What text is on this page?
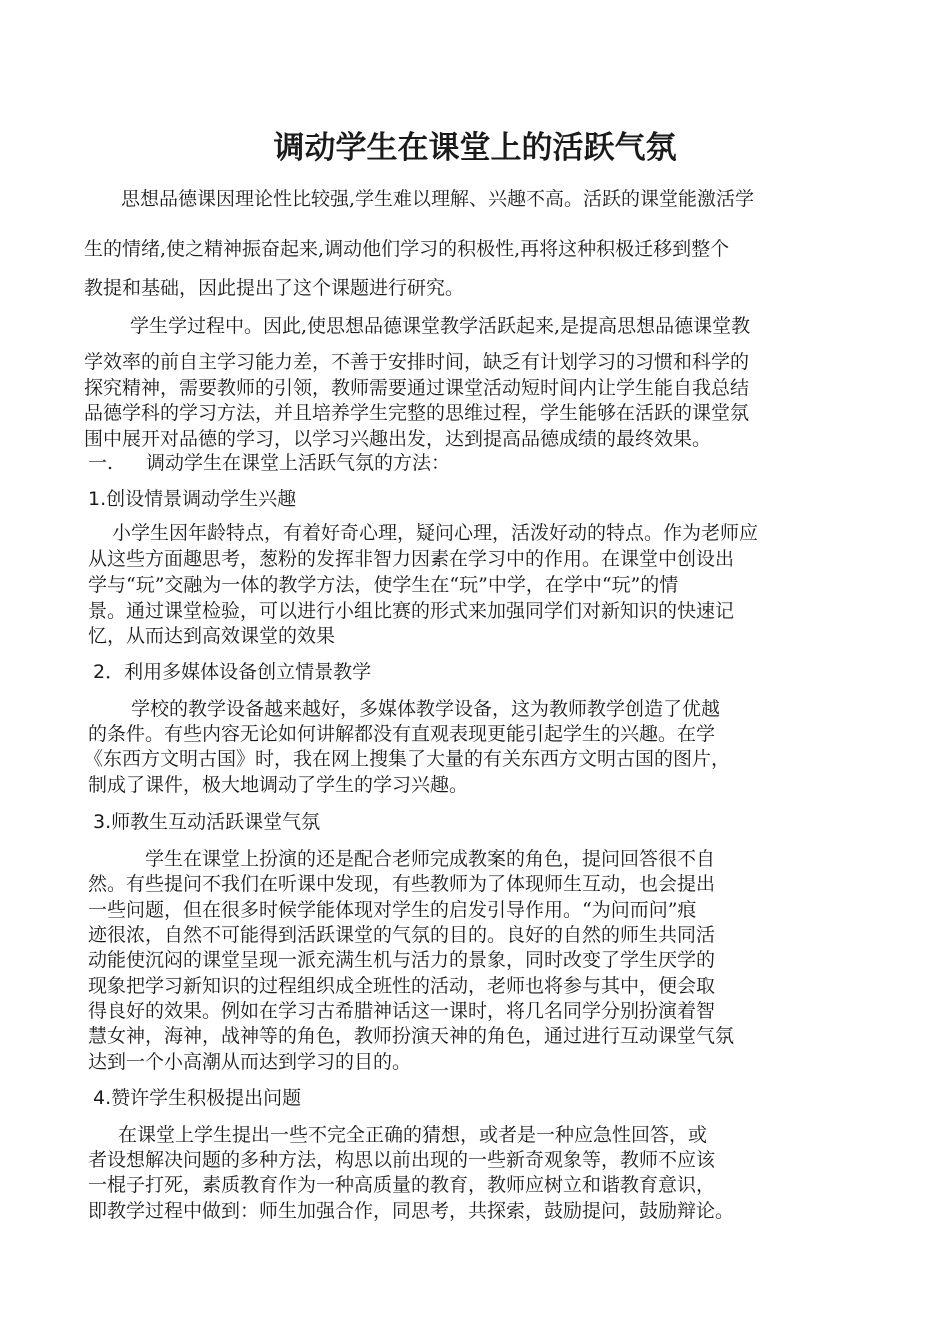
调动学生在课堂上的活跃气氛
思想品德课因理论性比较强,学生难以理解、兴趣不高。活跃的课堂能激活学
生的情绪,使之精神振奋起来,调动他们学习的积极性,再将这种积极迁移到整个
教提和基础，因此提出了这个课题进行研究。
学生学过程中。因此,使思想品德课堂教学活跃起来,是提高思想品德课堂教
学效率的前自主学习能力差，不善于安排时间，缺乏有计划学习的习惯和科学的
探究精神，需要教师的引领，教师需要通过课堂活动短时间内让学生能自我总结
品德学科的学习方法，并且培养学生完整的思维过程，学生能够在活跃的课堂氛
围中展开对品德的学习，以学习兴趣出发，达到提高品德成绩的最终效果。
一. 调动学生在课堂上活跃气氛的方法：
1.创设情景调动学生兴趣
小学生因年龄特点，有着好奇心理，疑问心理，活泼好动的特点。作为老师应
从这些方面趣思考，葱粉的发挥非智力因素在学习中的作用。在课堂中创设出
学与“玩”交融为一体的教学方法，使学生在“玩”中学，在学中“玩”的情
景。通过课堂检验，可以进行小组比赛的形式来加强同学们对新知识的快速记
忆，从而达到高效课堂的效果
2．利用多媒体设备创立情景教学
学校的教学设备越来越好，多媒体教学设备，这为教师教学创造了优越
的条件。有些内容无论如何讲解都没有直观表现更能引起学生的兴趣。在学
《东西方文明古国》时，我在网上搜集了大量的有关东西方文明古国的图片，
制成了课件，极大地调动了学生的学习兴趣。
3.师教生互动活跃课堂气氛
学生在课堂上扮演的还是配合老师完成教案的角色，提问回答很不自
然。有些提问不我们在听课中发现，有些教师为了体现师生互动，也会提出
一些问题，但在很多时候学能体现对学生的启发引导作用。“为问而问”痕
迹很浓，自然不可能得到活跃课堂的气氛的目的。良好的自然的师生共同活
动能使沉闷的课堂呈现一派充满生机与活力的景象，同时改变了学生厌学的
现象把学习新知识的过程组织成全班性的活动，老师也将参与其中，便会取
得良好的效果。例如在学习古希腊神话这一课时，将几名同学分别扮演着智
慧女神，海神，战神等的角色，教师扮演天神的角色，通过进行互动课堂气氛
达到一个小高潮从而达到学习的目的。
4.赞许学生积极提出问题
在课堂上学生提出一些不完全正确的猜想，或者是一种应急性回答，或
者设想解决问题的多种方法，构思以前出现的一些新奇观象等，教师不应该
一棍子打死，素质教育作为一种高质量的教育，教师应树立和谐教育意识，
即教学过程中做到：师生加强合作，同思考，共探索，鼓励提问，鼓励辩论。
